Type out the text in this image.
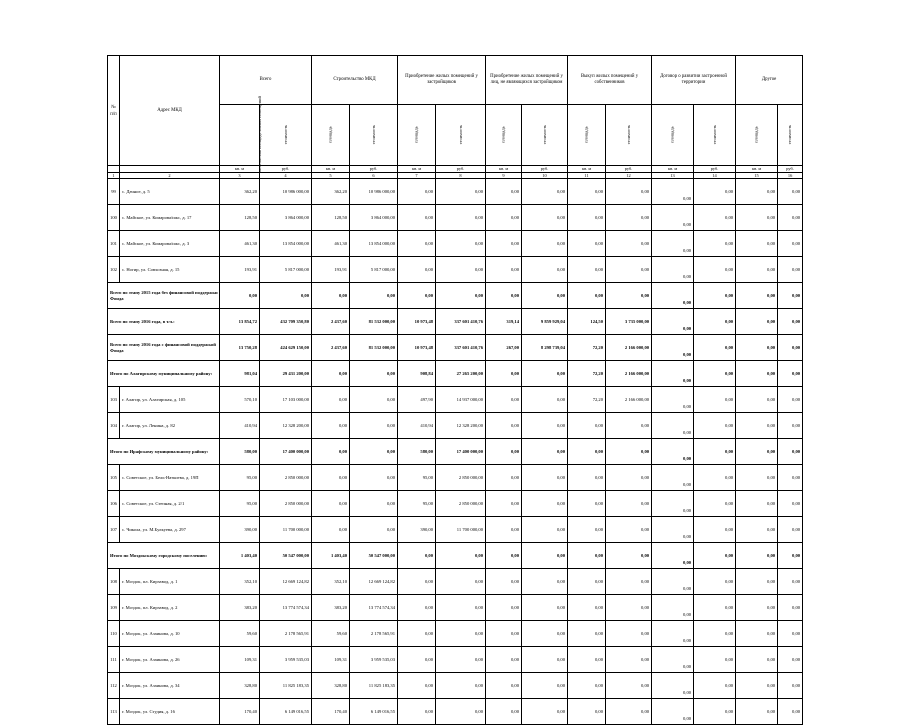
№
п/п	Адрес МКД	Всего		Строительство МКД		Приобретение жилых помещений у застройщиков		Приобретение жилых помещений у лиц, не являющихся застройщиком		Выкуп жилых помещений у собственников		Договор о развитии застроенной территории		Другое	
		расселяемая площадь жилых помещений	стоимость	площадь	стоимость	площадь	стоимость	площадь	стоимость	площадь	стоимость	площадь	стоимость	площадь	стоимость
		кв. м	руб.	кв. м	руб.	кв. м	руб.	кв. м	руб.	кв. м	руб.	кв. м	руб.	кв. м	руб.
1	2	3	4	5	6	7	8	9	10	11	12	13	14	15	16
99	с. Дачное, д. 5	362,20	10 986 000,00	362,20	10 986 000,00	0,00	0,00	0,00	0,00	0,00	0,00	0,00	0,00	0,00	0,00
100	с. Майское, ул. Комарова/ижс, д. 17	128,50	3 864 000,00	128,50	3 864 000,00	0,00	0,00	0,00	0,00	0,00	0,00	0,00	0,00	0,00	0,00
101	с. Майское, ул. Комарова/ижс, д. 3	461,30	13 854 000,00	461,30	13 854 000,00	0,00	0,00	0,00	0,00	0,00	0,00	0,00	0,00	0,00	0,00
102	с. Ногир, ул. Совхозная, д. 15	193,91	5 817 000,00	193,91	5 817 000,00	0,00	0,00	0,00	0,00	0,00	0,00	0,00	0,00	0,00	0,00
Всего по этапу 2015 года без финансовой поддержки Фонда		0,00	0,00	0,00	0,00	0,00	0,00	0,00	0,00	0,00	0,00	0,00	0,00	0,00	0,00
Всего по этапу 2016 года, в т.ч.:		13 854,72	432 709 350,80	2 437,60	81 532 000,00	10 973,48	337 601 410,76	319,14	9 859 929,04	124,50	3 735 000,00	0,00	0,00	0,00	0,00
Всего по этапу 2016 года с финансовой поддержкой Фонда		13 750,28	424 629 150,00	2 437,60	81 532 000,00	10 973,48	337 601 410,76	267,00	8 298 739,04	72,20	2 166 000,00	0,00	0,00	0,00	0,00
Итого по Алагирскому муниципальному району:		981,04	29 431 200,00	0,00	0,00	908,84	27 265 200,00	0,00	0,00	72,20	2 166 000,00	0,00	0,00	0,00	0,00
103	г. Алагир, ул. Алагирская, д. 105	570,10	17 103 000,00	0,00	0,00	497,90	14 937 000,00	0,00	0,00	72,20	2 166 000,00	0,00	0,00	0,00	0,00
104	г. Алагир, ул. Ленина, д. 82	410,94	12 328 200,00	0,00	0,00	410,94	12 328 200,00	0,00	0,00	0,00	0,00	0,00	0,00	0,00	0,00
Итого по Ирафскому муниципальному району:		580,00	17 400 000,00	0,00	0,00	580,00	17 400 000,00	0,00	0,00	0,00	0,00	0,00	0,00	0,00	0,00
105	с. Советское, ул. Бель-Наткоева, д. 19П	95,00	2 850 000,00	0,00	0,00	95,00	2 850 000,00	0,00	0,00	0,00	0,00	0,00	0,00	0,00	0,00
106	с. Советское, ул. Степная, д. 2/1	95,00	2 850 000,00	0,00	0,00	95,00	2 850 000,00	0,00	0,00	0,00	0,00	0,00	0,00	0,00	0,00
107	с. Чикола, ул. М.Булкуева, д. 297	390,00	11 700 000,00	0,00	0,00	390,00	11 700 000,00	0,00	0,00	0,00	0,00	0,00	0,00	0,00	0,00
Итого по Моздокскому городскому поселению:		1 403,40	50 547 000,00	1 403,40	50 547 000,00	0,00	0,00	0,00	0,00	0,00	0,00	0,00	0,00	0,00	0,00
108	г. Моздок, пл. Кирзавод, д. 1	352,10	12 669 124,82	352,10	12 669 124,82	0,00	0,00	0,00	0,00	0,00	0,00	0,00	0,00	0,00	0,00
109	г. Моздок, пл. Кирзавод, д. 2	383,20	13 774 574,34	383,20	13 774 574,34	0,00	0,00	0,00	0,00	0,00	0,00	0,00	0,00	0,00	0,00
110	г. Моздок, ул. Азаинова, д. 10	59,60	2 178 565,91	59,60	2 178 565,91	0,00	0,00	0,00	0,00	0,00	0,00	0,00	0,00	0,00	0,00
111	г. Моздок, ул. Азаинова, д. 26	109,31	3 959 535,03	109,31	3 959 535,03	0,00	0,00	0,00	0,00	0,00	0,00	0,00	0,00	0,00	0,00
112	г. Моздок, ул. Азаинова, д. 34	328,80	11 825 183,35	328,80	11 825 183,35	0,00	0,00	0,00	0,00	0,00	0,00	0,00	0,00	0,00	0,00
113	г. Моздок, ул. Студия, д. 16	170,40	6 149 016,55	170,40	6 149 016,55	0,00	0,00	0,00	0,00	0,00	0,00	0,00	0,00	0,00	0,00
